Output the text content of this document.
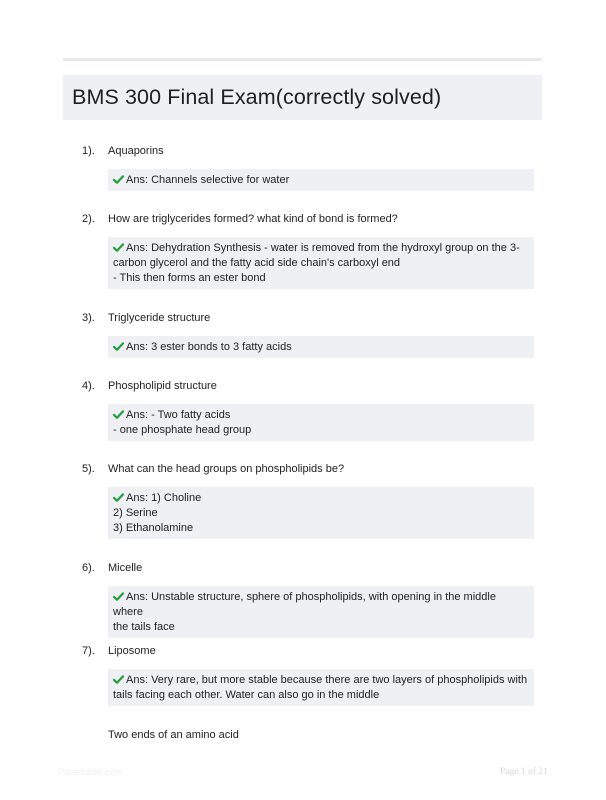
BMS 300 Final Exam(correctly solved)
1). Aquaporins
Ans: Channels selective for water
2). How are triglycerides formed? what kind of bond is formed?
Ans: Dehydration Synthesis - water is removed from the hydroxyl group on the 3-
carbon glycerol and the fatty acid side chain's carboxyl end
- This then forms an ester bond
3). Triglyceride structure
Ans: 3 ester bonds to 3 fatty acids
4). Phospholipid structure
Ans: - Two fatty acids
- one phosphate head group
5). What can the head groups on phospholipids be?
Ans: 1) Choline
2) Serine
3) Ethanolamine
6). Micelle
Ans: Unstable structure, sphere of phospholipids, with opening in the middle where
the tails face
7). Liposome
Ans: Very rare, but more stable because there are two layers of phospholipids with
tails facing each other. Water can also go in the middle
Two ends of an amino acid
Paperbiblio.com	Page 1 of 21
